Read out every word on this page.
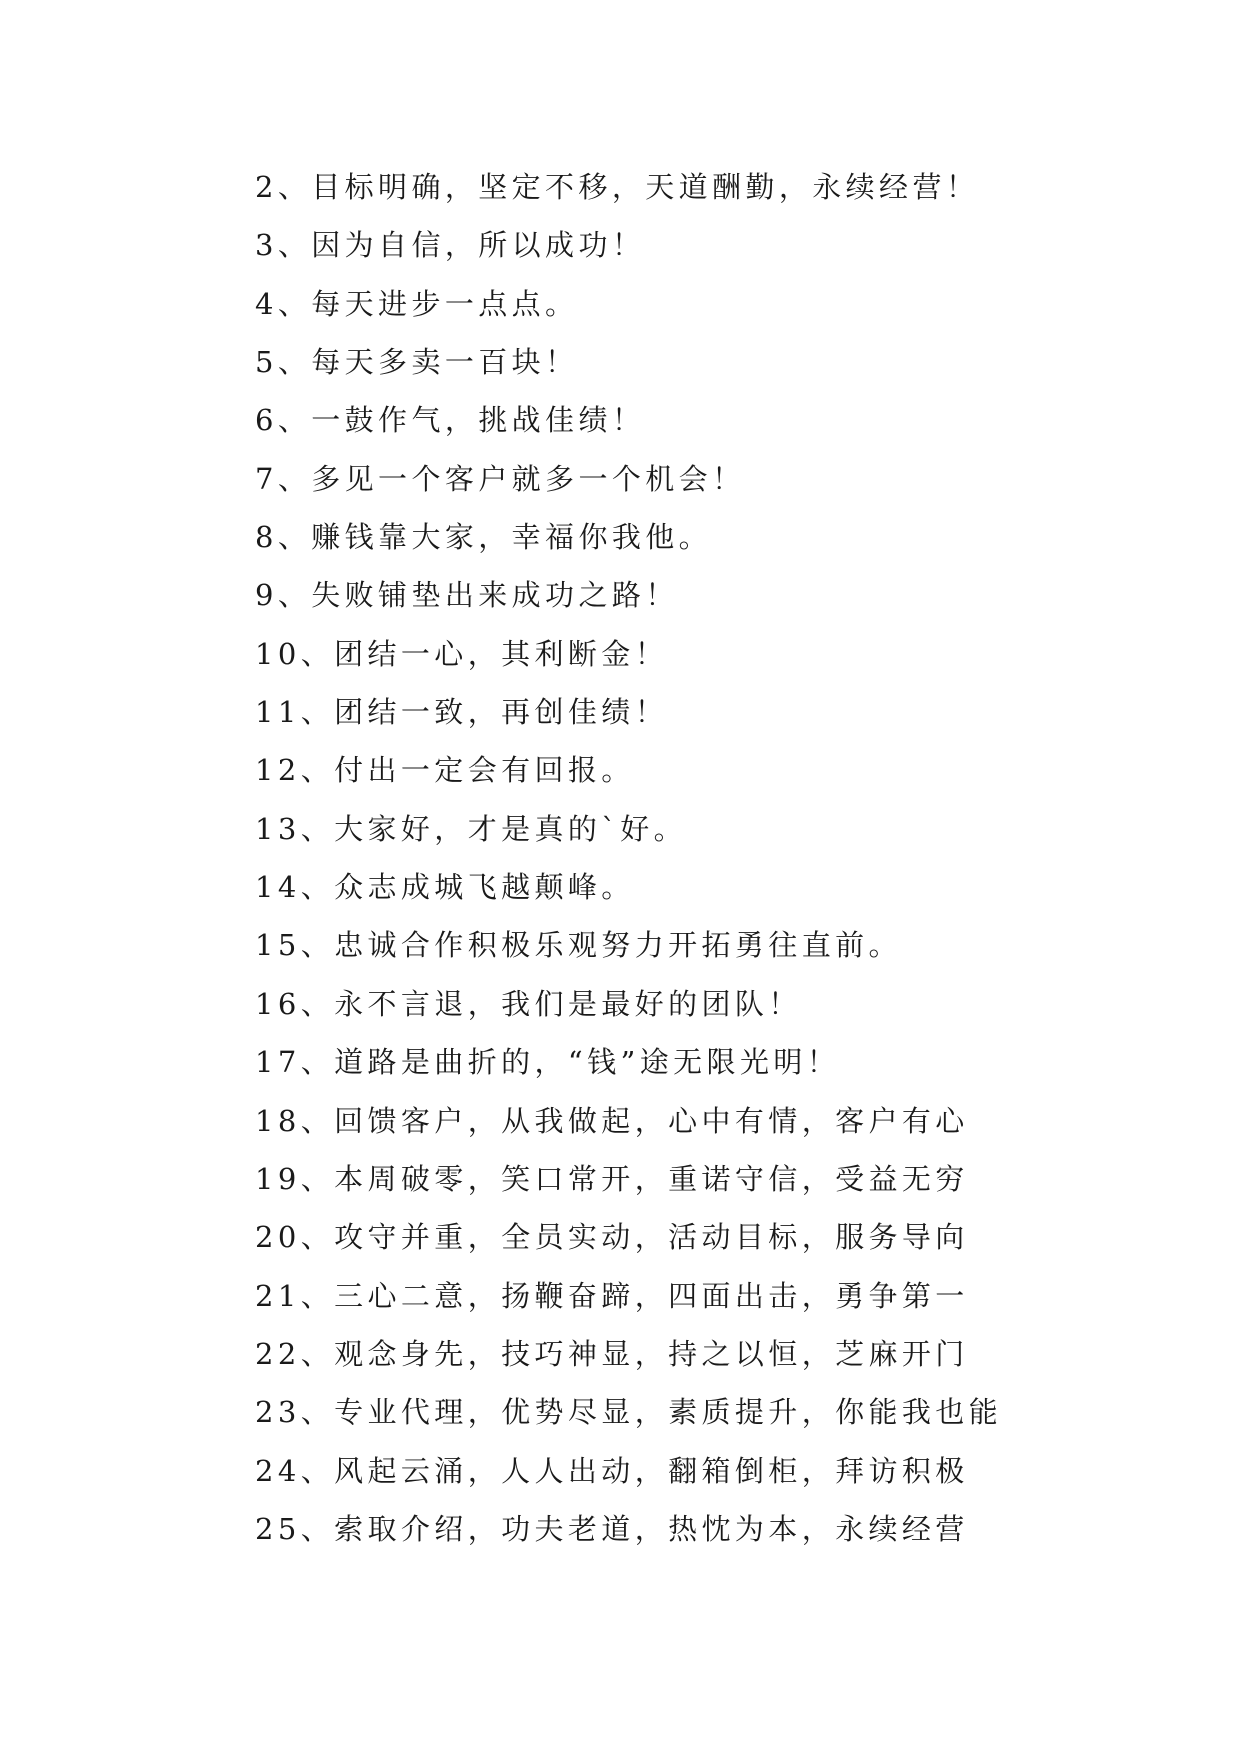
2、目标明确，坚定不移，天道酬勤，永续经营！
3、因为自信，所以成功！
4、每天进步一点点。
5、每天多卖一百块！
6、一鼓作气，挑战佳绩！
7、多见一个客户就多一个机会！
8、赚钱靠大家，幸福你我他。
9、失败铺垫出来成功之路！
10、团结一心，其利断金！
11、团结一致，再创佳绩！
12、付出一定会有回报。
13、大家好，才是真的`好。
14、众志成城飞越颠峰。
15、忠诚合作积极乐观努力开拓勇往直前。
16、永不言退，我们是最好的团队！
17、道路是曲折的，“钱”途无限光明！
18、回馈客户，从我做起，心中有情，客户有心
19、本周破零，笑口常开，重诺守信，受益无穷
20、攻守并重，全员实动，活动目标，服务导向
21、三心二意，扬鞭奋蹄，四面出击，勇争第一
22、观念身先，技巧神显，持之以恒，芝麻开门
23、专业代理，优势尽显，素质提升，你能我也能
24、风起云涌，人人出动，翻箱倒柜，拜访积极
25、索取介绍，功夫老道，热忱为本，永续经营
